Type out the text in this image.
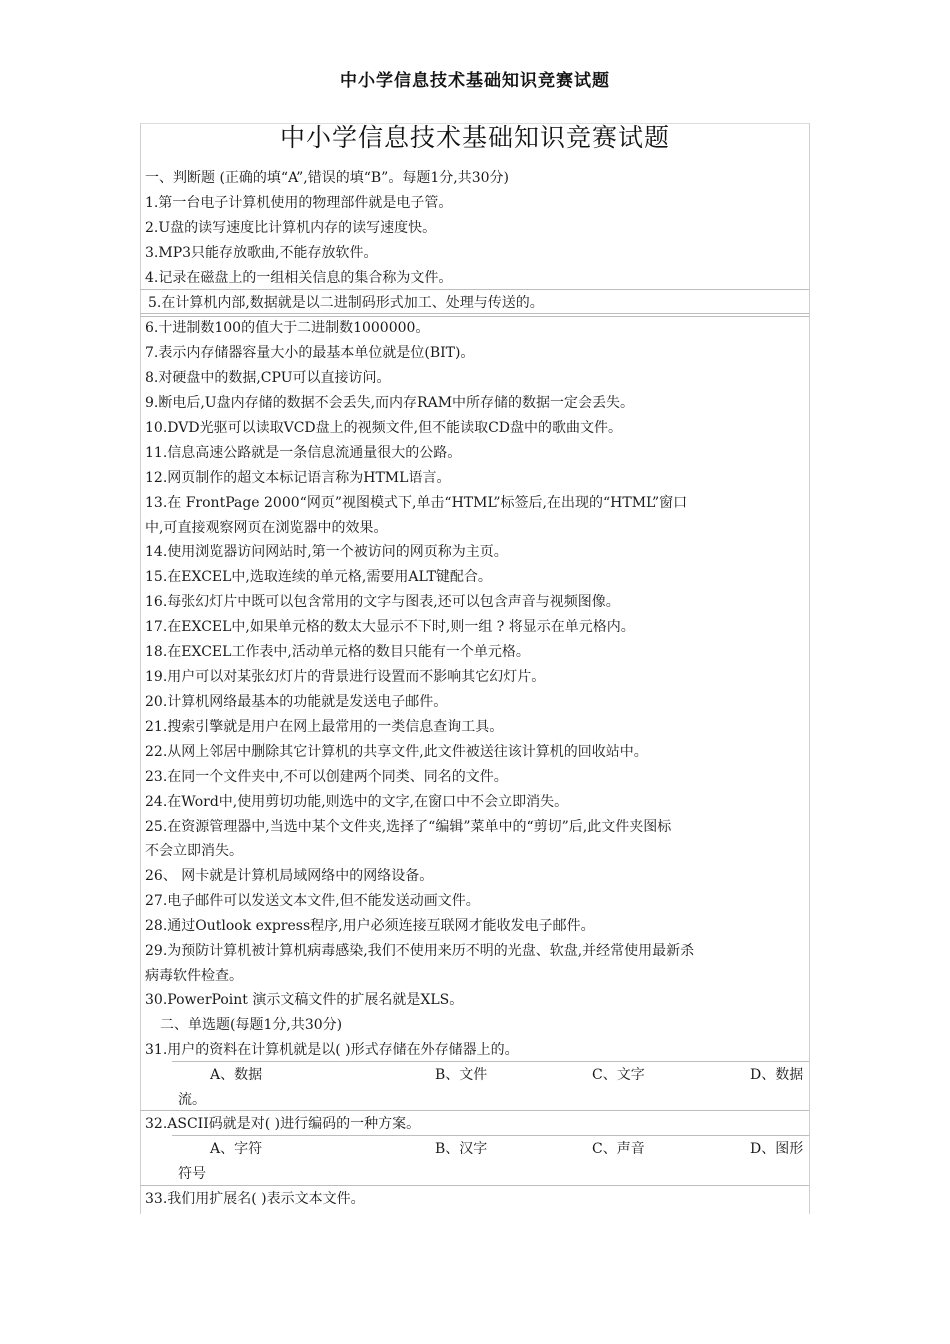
中小学信息技术基础知识竞赛试题
中小学信息技术基础知识竞赛试题
一、判断题 (正确的填“A”,错误的填“B”。每题1分,共30分)
1.第一台电子计算机使用的物理部件就是电子管。
2.U盘的读写速度比计算机内存的读写速度快。
3.MP3只能存放歌曲,不能存放软件。
4.记录在磁盘上的一组相关信息的集合称为文件。
5.在计算机内部,数据就是以二进制码形式加工、处理与传送的。
6.十进制数100的值大于二进制数1000000。
7.表示内存储器容量大小的最基本单位就是位(BIT)。
8.对硬盘中的数据,CPU可以直接访问。
9.断电后,U盘内存储的数据不会丢失,而内存RAM中所存储的数据一定会丢失。
10.DVD光驱可以读取VCD盘上的视频文件,但不能读取CD盘中的歌曲文件。
11.信息高速公路就是一条信息流通量很大的公路。
12.网页制作的超文本标记语言称为HTML语言。
13.在 FrontPage 2000“网页”视图模式下,单击“HTML”标签后,在出现的“HTML”窗口
中,可直接观察网页在浏览器中的效果。
14.使用浏览器访问网站时,第一个被访问的网页称为主页。
15.在EXCEL中,选取连续的单元格,需要用ALT键配合。
16.每张幻灯片中既可以包含常用的文字与图表,还可以包含声音与视频图像。
17.在EXCEL中,如果单元格的数太大显示不下时,则一组 ? 将显示在单元格内。
18.在EXCEL工作表中,活动单元格的数目只能有一个单元格。
19.用户可以对某张幻灯片的背景进行设置而不影响其它幻灯片。
20.计算机网络最基本的功能就是发送电子邮件。
21.搜索引擎就是用户在网上最常用的一类信息查询工具。
22.从网上邻居中删除其它计算机的共享文件,此文件被送往该计算机的回收站中。
23.在同一个文件夹中,不可以创建两个同类、同名的文件。
24.在Word中,使用剪切功能,则选中的文字,在窗口中不会立即消失。
25.在资源管理器中,当选中某个文件夹,选择了“编辑”菜单中的“剪切”后,此文件夹图标
不会立即消失。
26、 网卡就是计算机局域网络中的网络设备。
27.电子邮件可以发送文本文件,但不能发送动画文件。
28.通过Outlook express程序,用户必须连接互联网才能收发电子邮件。
29.为预防计算机被计算机病毒感染,我们不使用来历不明的光盘、软盘,并经常使用最新杀
病毒软件检查。
30.PowerPoint 演示文稿文件的扩展名就是XLS。
二、单选题(每题1分,共30分)
31.用户的资料在计算机就是以( )形式存储在外存储器上的。
A、数据	B、文件	C、文字	D、数据
流。
32.ASCII码就是对( )进行编码的一种方案。
A、字符	B、汉字	C、声音	D、图形
符号
33.我们用扩展名( )表示文本文件。
